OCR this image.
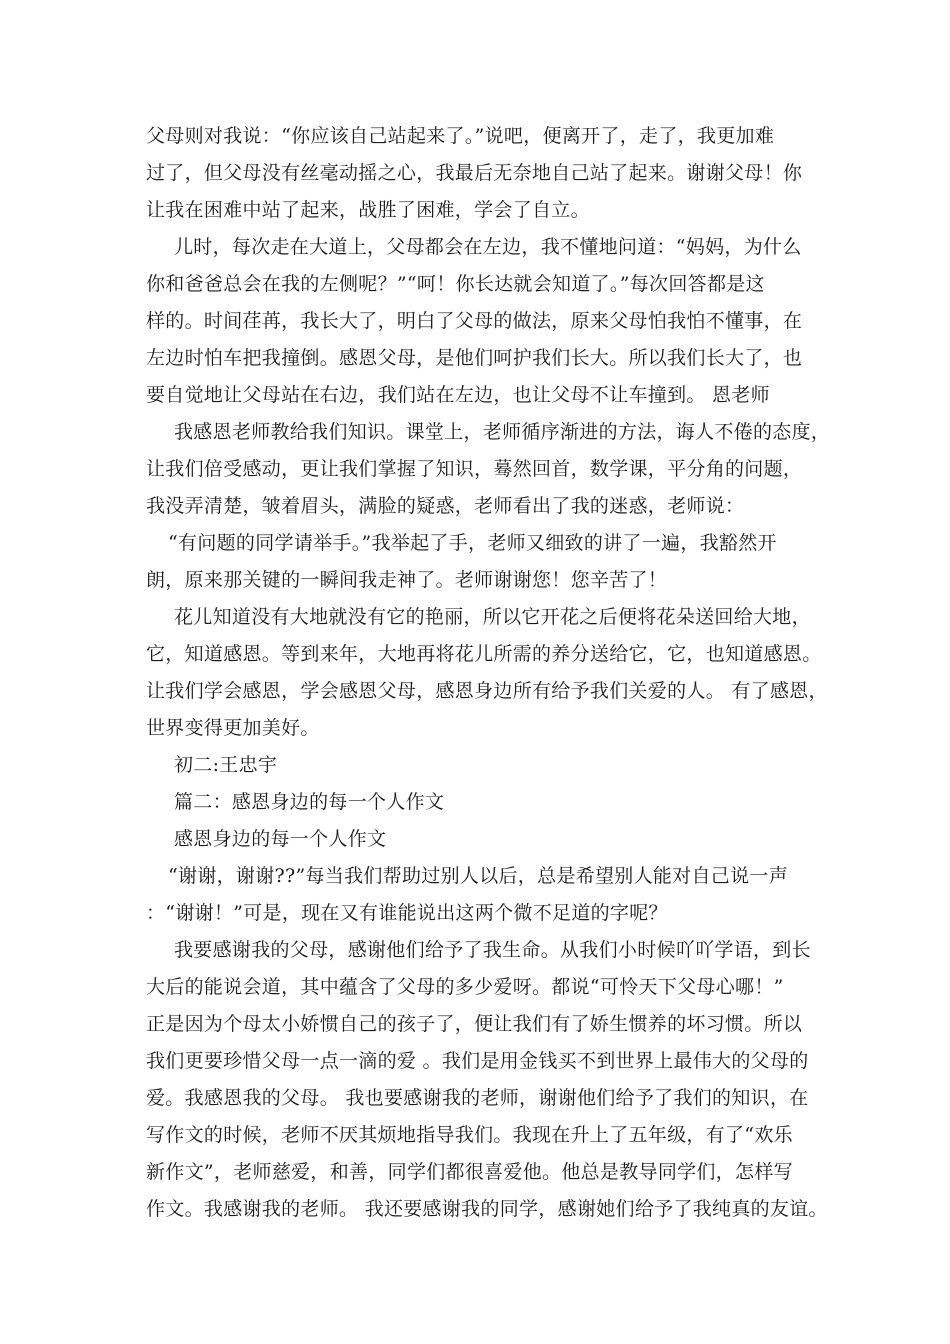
父母则对我说：“你应该自己站起来了。”说吧，便离开了，走了，我更加难
过了，但父母没有丝毫动摇之心，我最后无奈地自己站了起来。谢谢父母！你
让我在困难中站了起来，战胜了困难，学会了自立。
儿时，每次走在大道上，父母都会在左边，我不懂地问道：“妈妈，为什么
你和爸爸总会在我的左侧呢？”“呵！你长达就会知道了。”每次回答都是这
样的。时间荏苒，我长大了，明白了父母的做法，原来父母怕我怕不懂事，在
左边时怕车把我撞倒。感恩父母，是他们呵护我们长大。所以我们长大了，也
要自觉地让父母站在右边，我们站在左边，也让父母不让车撞到。 恩老师
我感恩老师教给我们知识。课堂上，老师循序渐进的方法，诲人不倦的态度，
让我们倍受感动，更让我们掌握了知识，蓦然回首，数学课，平分角的问题，
我没弄清楚，皱着眉头，满脸的疑惑，老师看出了我的迷惑，老师说：
“有问题的同学请举手。”我举起了手，老师又细致的讲了一遍，我豁然开
朗，原来那关键的一瞬间我走神了。老师谢谢您！您辛苦了！
花儿知道没有大地就没有它的艳丽，所以它开花之后便将花朵送回给大地，
它，知道感恩。等到来年，大地再将花儿所需的养分送给它，它，也知道感恩。
让我们学会感恩，学会感恩父母，感恩身边所有给予我们关爱的人。 有了感恩，
世界变得更加美好。
初二:王忠宇
篇二：感恩身边的每一个人作文
感恩身边的每一个人作文
“谢谢，谢谢??”每当我们帮助过别人以后，总是希望别人能对自己说一声
：“谢谢！”可是，现在又有谁能说出这两个微不足道的字呢？
我要感谢我的父母，感谢他们给予了我生命。从我们小时候吖吖学语，到长
大后的能说会道，其中蕴含了父母的多少爱呀。都说“可怜天下父母心哪！”
正是因为个母太小娇惯自己的孩子了，便让我们有了娇生惯养的坏习惯。所以
我们更要珍惜父母一点一滴的爱 。我们是用金钱买不到世界上最伟大的父母的
爱。我感恩我的父母。 我也要感谢我的老师，谢谢他们给予了我们的知识，在
写作文的时候，老师不厌其烦地指导我们。我现在升上了五年级，有了“欢乐
新作文”，老师慈爱，和善，同学们都很喜爱他。他总是教导同学们，怎样写
作文。我感谢我的老师。 我还要感谢我的同学，感谢她们给予了我纯真的友谊。
